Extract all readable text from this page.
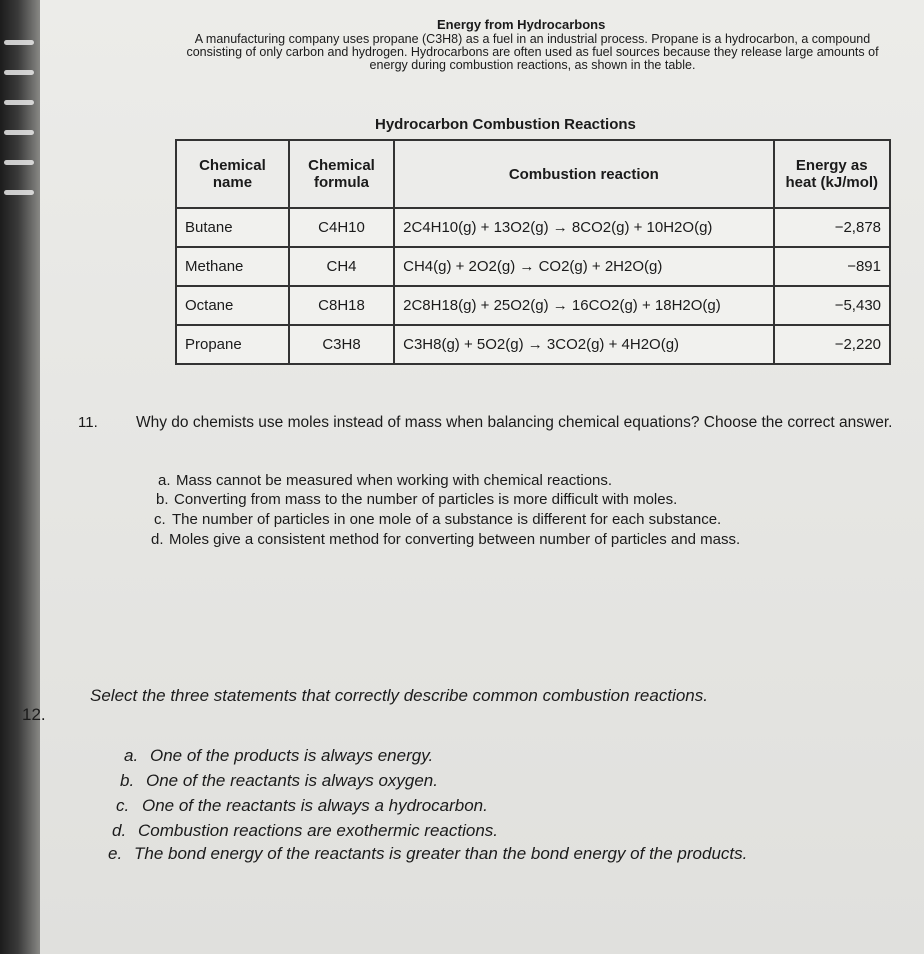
Energy from Hydrocarbons
A manufacturing company uses propane (C3H8) as a fuel in an industrial process. Propane is a hydrocarbon, a compound consisting of only carbon and hydrogen. Hydrocarbons are often used as fuel sources because they release large amounts of energy during combustion reactions, as shown in the table.
Hydrocarbon Combustion Reactions
Chemical name	Chemical formula	Combustion reaction	Energy as heat (kJ/mol)
Butane	C4H10	2C4H10(g) + 13O2(g) → 8CO2(g) + 10H2O(g)	−2,878
Methane	CH4	CH4(g) + 2O2(g) → CO2(g) + 2H2O(g)	−891
Octane	C8H18	2C8H18(g) + 25O2(g) → 16CO2(g) + 18H2O(g)	−5,430
Propane	C3H8	C3H8(g) + 5O2(g) → 3CO2(g) + 4H2O(g)	−2,220
11. Why do chemists use moles instead of mass when balancing chemical equations? Choose the correct answer.
a. Mass cannot be measured when working with chemical reactions.
b. Converting from mass to the number of particles is more difficult with moles.
c. The number of particles in one mole of a substance is different for each substance.
d. Moles give a consistent method for converting between number of particles and mass.
12.
Select the three statements that correctly describe common combustion reactions.
a. One of the products is always energy.
b. One of the reactants is always oxygen.
c. One of the reactants is always a hydrocarbon.
d. Combustion reactions are exothermic reactions.
e. The bond energy of the reactants is greater than the bond energy of the products.
